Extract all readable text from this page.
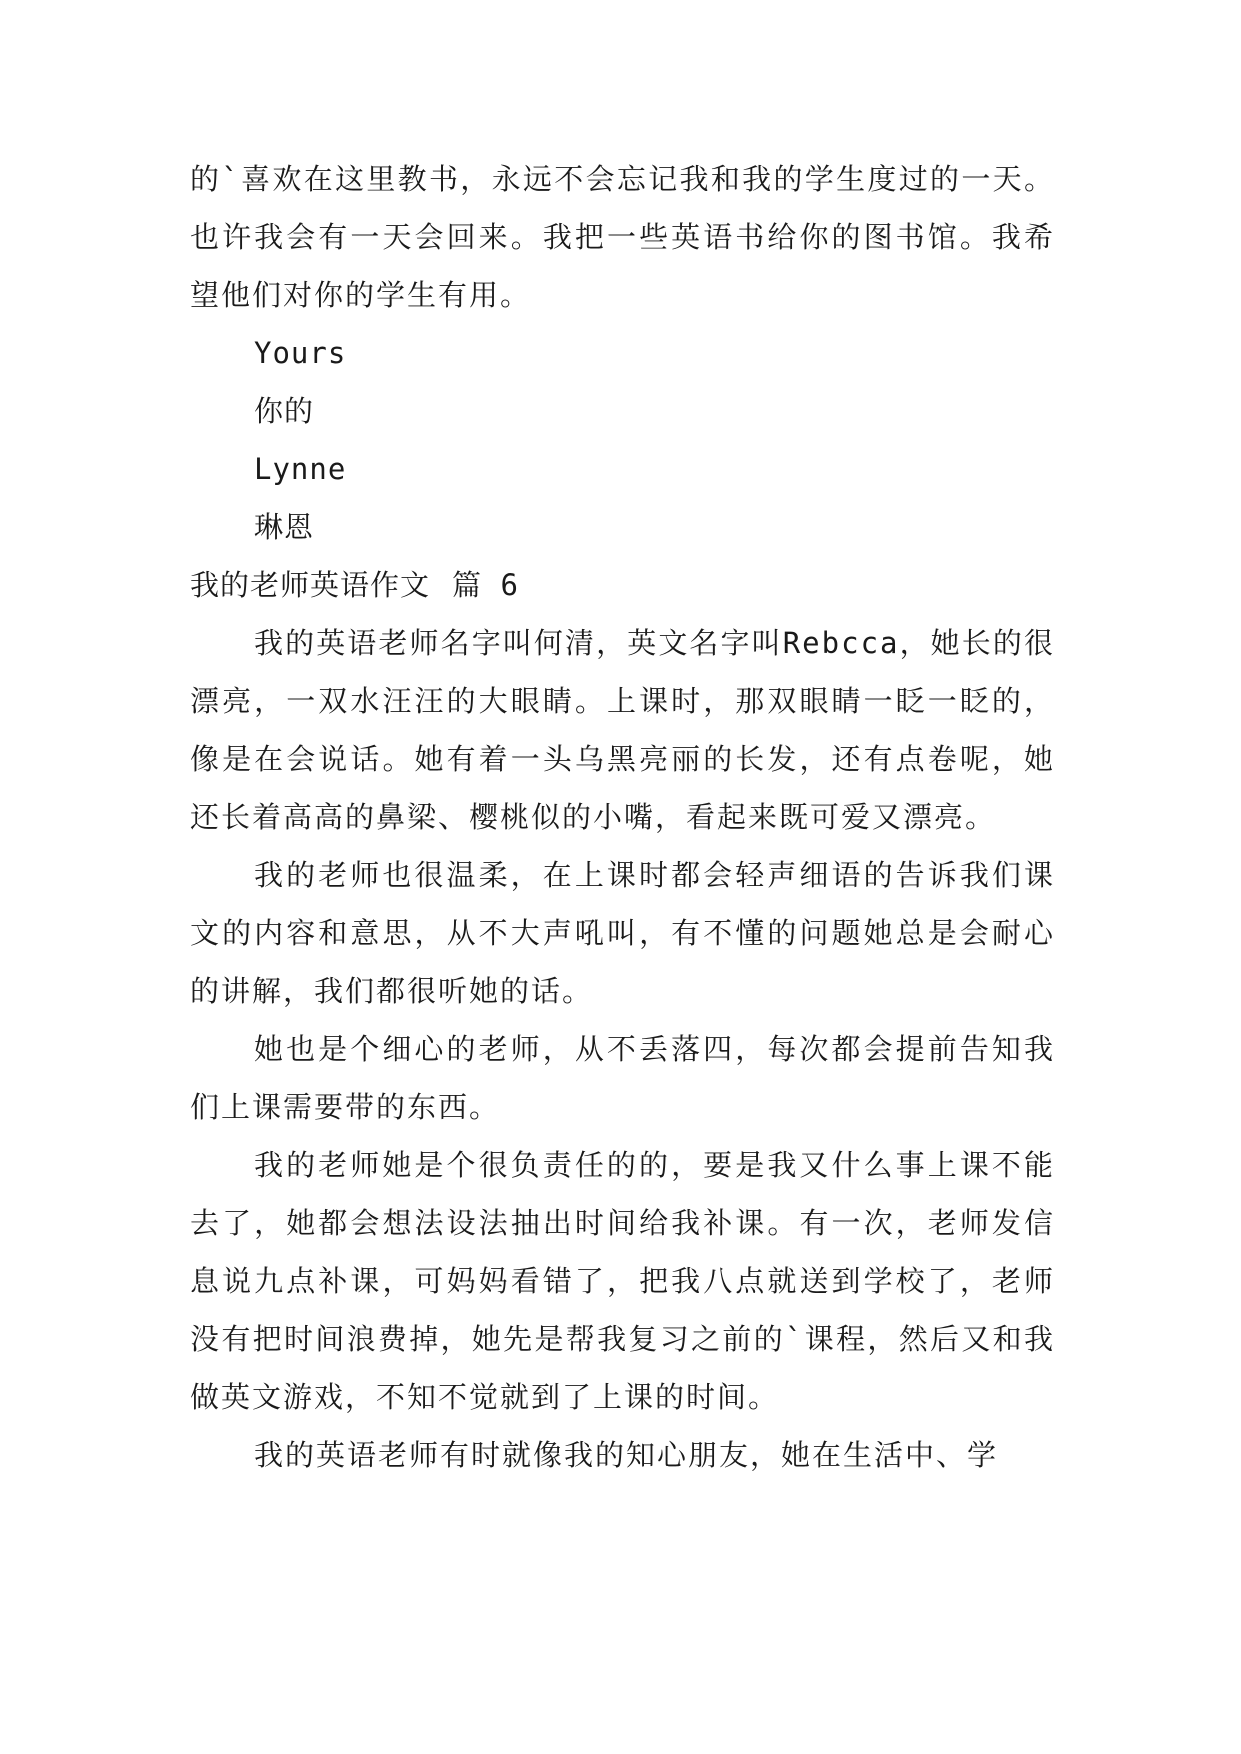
的`喜欢在这里教书，永远不会忘记我和我的学生度过的一天。也许我会有一天会回来。我把一些英语书给你的图书馆。我希望他们对你的学生有用。

Yours

你的

Lynne

琳恩

我的老师英语作文 篇 6

我的英语老师名字叫何清，英文名字叫Rebcca，她长的很漂亮，一双水汪汪的大眼睛。上课时，那双眼睛一眨一眨的，像是在会说话。她有着一头乌黑亮丽的长发，还有点卷呢，她还长着高高的鼻梁、樱桃似的小嘴，看起来既可爱又漂亮。

我的老师也很温柔，在上课时都会轻声细语的告诉我们课文的内容和意思，从不大声吼叫，有不懂的问题她总是会耐心的讲解，我们都很听她的话。

她也是个细心的老师，从不丢落四，每次都会提前告知我们上课需要带的东西。

我的老师她是个很负责任的的，要是我又什么事上课不能去了，她都会想法设法抽出时间给我补课。有一次，老师发信息说九点补课，可妈妈看错了，把我八点就送到学校了，老师没有把时间浪费掉，她先是帮我复习之前的`课程，然后又和我做英文游戏，不知不觉就到了上课的时间。

我的英语老师有时就像我的知心朋友，她在生活中、学
